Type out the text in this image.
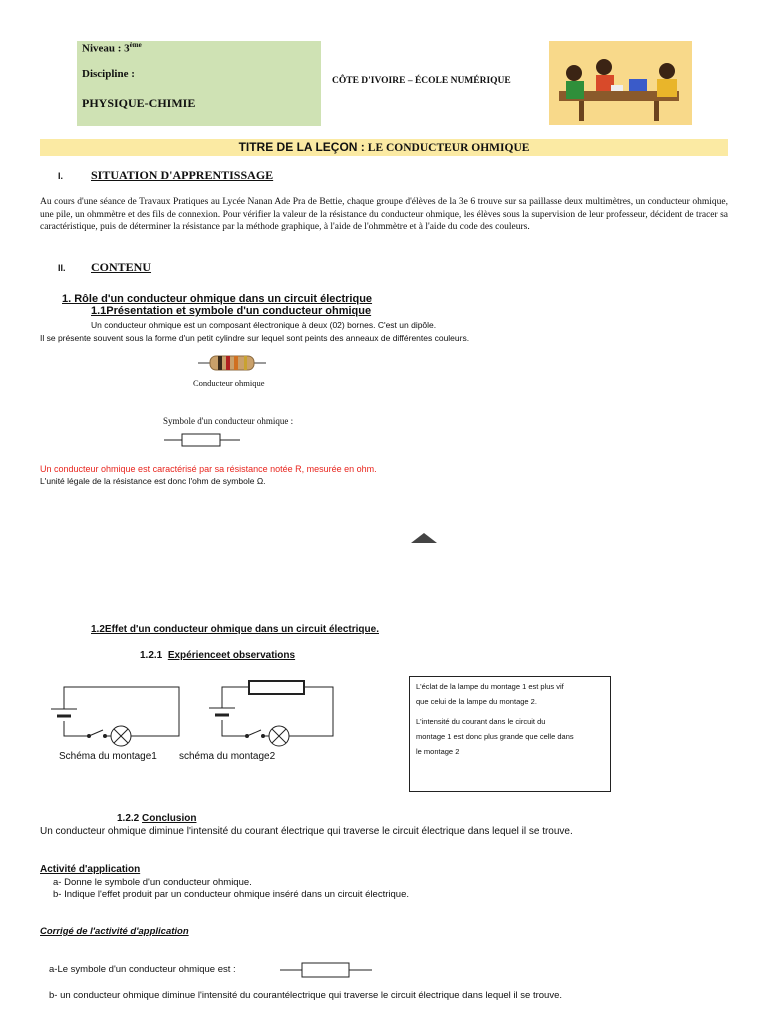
Niveau : 3ème
Discipline :
PHYSIQUE-CHIMIE
CÔTE D'IVOIRE – ÉCOLE NUMÉRIQUE
TITRE DE LA LEÇON : LE CONDUCTEUR OHMIQUE
I. SITUATION D'APPRENTISSAGE
Au cours d'une séance de Travaux Pratiques au Lycée Nanan Ade Pra de Bettie, chaque groupe d'élèves de la 3e 6 trouve sur sa paillasse deux multimètres, un conducteur ohmique, une pile, un ohmmètre et des fils de connexion. Pour vérifier la valeur de la résistance du conducteur ohmique, les élèves sous la supervision de leur professeur, décident de tracer sa caractéristique, puis de déterminer la résistance par la méthode graphique, à l'aide de l'ohmmètre et à l'aide du code des couleurs.
II. CONTENU
1. Rôle d'un conducteur ohmique dans un circuit électrique
1.1Présentation et symbole d'un conducteur ohmique
Un conducteur ohmique est un composant électronique à deux (02) bornes. C'est un dipôle.
Il se présente souvent sous la forme d'un petit cylindre sur lequel sont peints des anneaux de différentes couleurs.
Conducteur ohmique
Symbole d'un conducteur ohmique :
Un conducteur ohmique est caractérisé par sa résistance notée R, mesurée en ohm.
L'unité légale de la résistance est donc l'ohm de symbole Ω.
1.2Effet d'un conducteur ohmique dans un circuit électrique.
1.2.1 Expérienceet observations
Schéma du montage1 schéma du montage2
L'éclat de la lampe du montage 1 est plus vif
que celui de la lampe du montage 2.
L'intensité du courant dans le circuit du
montage 1 est donc plus grande que celle dans
le montage 2
1.2.2 Conclusion
Un conducteur ohmique diminue l'intensité du courant électrique qui traverse le circuit électrique dans lequel il se trouve.
Activité d'application
a- Donne le symbole d'un conducteur ohmique.
b- Indique l'effet produit par un conducteur ohmique inséré dans un circuit électrique.
Corrigé de l'activité d'application
a-Le symbole d'un conducteur ohmique est :
b- un conducteur ohmique diminue l'intensité du courantélectrique qui traverse le circuit électrique dans lequel il se trouve.
